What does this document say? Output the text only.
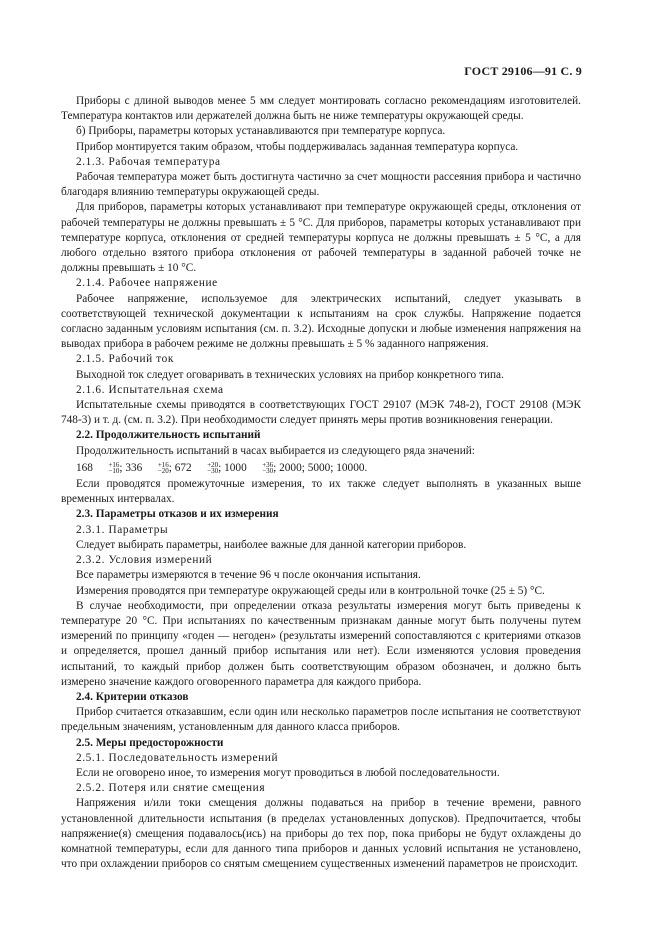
ГОСТ 29106—91 С. 9

Приборы с длиной выводов менее 5 мм следует монтировать согласно рекомендациям изготовителей. Температура контактов или держателей должна быть не ниже температуры окружающей среды.

б) Приборы, параметры которых устанавливаются при температуре корпуса.

Прибор монтируется таким образом, чтобы поддерживалась заданная температура корпуса.

2.1.3. Рабочая температура

Рабочая температура может быть достигнута частично за счет мощности рассеяния прибора и частично благодаря влиянию температуры окружающей среды.

Для приборов, параметры которых устанавливают при температуре окружающей среды, отклонения от рабочей температуры не должны превышать ± 5 °С. Для приборов, параметры которых устанавливают при температуре корпуса, отклонения от средней температуры корпуса не должны превышать ± 5 °С, а для любого отдельно взятого прибора отклонения от рабочей температуры в заданной рабочей точке не должны превышать ± 10 °С.

2.1.4. Рабочее напряжение

Рабочее напряжение, используемое для электрических испытаний, следует указывать в соответствующей технической документации к испытаниям на срок службы. Напряжение подается согласно заданным условиям испытания (см. п. 3.2). Исходные допуски и любые изменения напряжения на выводах прибора в рабочем режиме не должны превышать ± 5 % заданного напряжения.

2.1.5. Рабочий ток

Выходной ток следует оговаривать в технических условиях на прибор конкретного типа.

2.1.6. Испытательная схема

Испытательные схемы приводятся в соответствующих ГОСТ 29107 (МЭК 748-2), ГОСТ 29108 (МЭК 748-3) и т. д. (см. п. 3.2). При необходимости следует принять меры против возникновения генерации.

2.2. Продолжительность испытаний

Продолжительность испытаний в часах выбирается из следующего ряда значений:

168	+16
−10 ; 336	+16
−20 ; 672	+20
−30 ; 1000	+36
−30 ; 2000; 5000; 10000.

Если проводятся промежуточные измерения, то их также следует выполнять в указанных выше временных интервалах.

2.3. Параметры отказов и их измерения

2.3.1. Параметры

Следует выбирать параметры, наиболее важные для данной категории приборов.

2.3.2. Условия измерений

Все параметры измеряются в течение 96 ч после окончания испытания.

Измерения проводятся при температуре окружающей среды или в контрольной точке (25 ± 5) °С.

В случае необходимости, при определении отказа результаты измерения могут быть приведены к температуре 20 °С. При испытаниях по качественным признакам данные могут быть получены путем измерений по принципу «годен — негоден» (результаты измерений сопоставляются с критериями отказов и определяется, прошел данный прибор испытания или нет). Если изменяются условия проведения испытаний, то каждый прибор должен быть соответствующим образом обозначен, и должно быть измерено значение каждого оговоренного параметра для каждого прибора.

2.4. Критерии отказов

Прибор считается отказавшим, если один или несколько параметров после испытания не соответствуют предельным значениям, установленным для данного класса приборов.

2.5. Меры предосторожности

2.5.1. Последовательность измерений

Если не оговорено иное, то измерения могут проводиться в любой последовательности.

2.5.2. Потеря или снятие смещения

Напряжения и/или токи смещения должны подаваться на прибор в течение времени, равного установленной длительности испытания (в пределах установленных допусков). Предпочитается, чтобы напряжение(я) смещения подавалось(ись) на приборы до тех пор, пока приборы не будут охлаждены до комнатной температуры, если для данного типа приборов и данных условий испытания не установлено, что при охлаждении приборов со снятым смещением существенных изменений параметров не происходит.
